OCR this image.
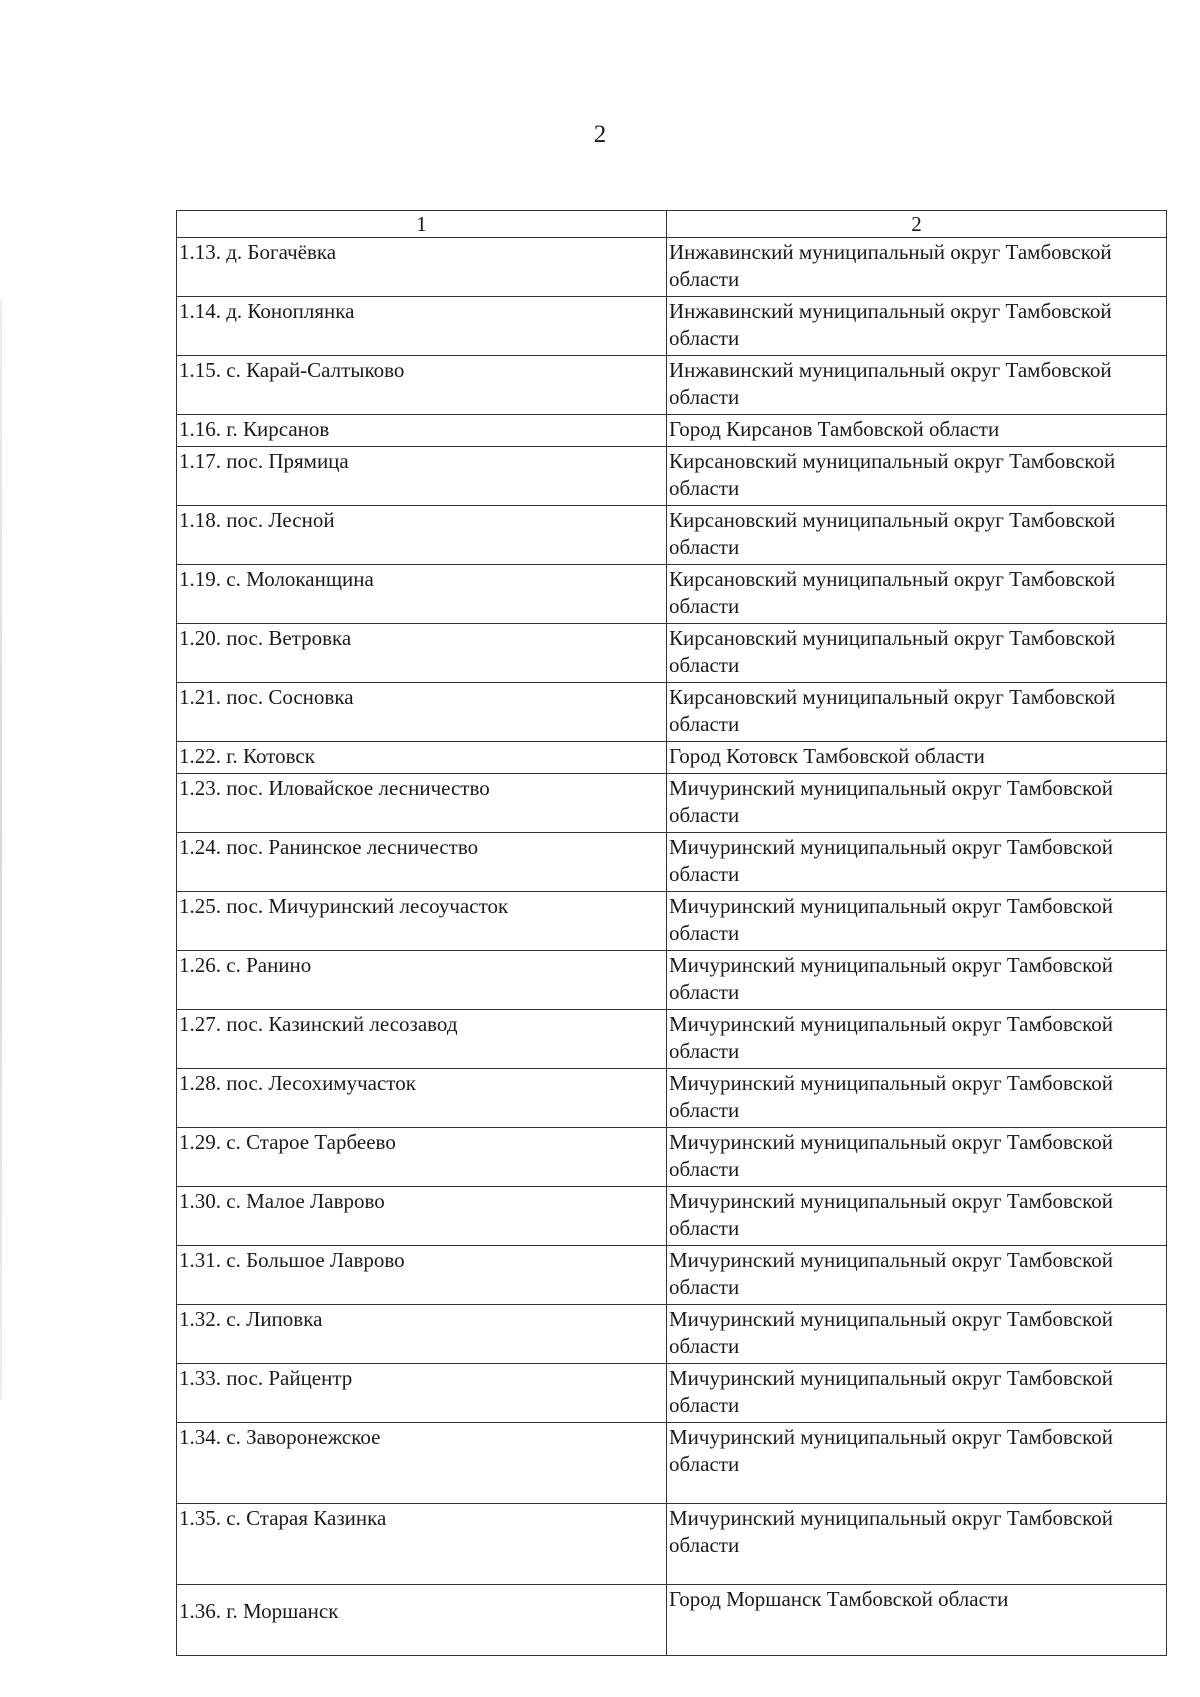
2
1	2
1.13. д. Богачёвка	Инжавинский муниципальный округ Тамбовской области
1.14. д. Коноплянка	Инжавинский муниципальный округ Тамбовской области
1.15. с. Карай-Салтыково	Инжавинский муниципальный округ Тамбовской области
1.16. г. Кирсанов	Город Кирсанов Тамбовской области
1.17. пос. Прямица	Кирсановский муниципальный округ Тамбовской области
1.18. пос. Лесной	Кирсановский муниципальный округ Тамбовской области
1.19. с. Молоканщина	Кирсановский муниципальный округ Тамбовской области
1.20. пос. Ветровка	Кирсановский муниципальный округ Тамбовской области
1.21. пос. Сосновка	Кирсановский муниципальный округ Тамбовской области
1.22. г. Котовск	Город Котовск Тамбовской области
1.23. пос. Иловайское лесничество	Мичуринский муниципальный округ Тамбовской области
1.24. пос. Ранинское лесничество	Мичуринский муниципальный округ Тамбовской области
1.25. пос. Мичуринский лесоучасток	Мичуринский муниципальный округ Тамбовской области
1.26. с. Ранино	Мичуринский муниципальный округ Тамбовской области
1.27. пос. Казинский лесозавод	Мичуринский муниципальный округ Тамбовской области
1.28. пос. Лесохимучасток	Мичуринский муниципальный округ Тамбовской области
1.29. с. Старое Тарбеево	Мичуринский муниципальный округ Тамбовской области
1.30. с. Малое Лаврово	Мичуринский муниципальный округ Тамбовской области
1.31. с. Большое Лаврово	Мичуринский муниципальный округ Тамбовской области
1.32. с. Липовка	Мичуринский муниципальный округ Тамбовской области
1.33. пос. Райцентр	Мичуринский муниципальный округ Тамбовской области
1.34. с. Заворонежское	Мичуринский муниципальный округ Тамбовской области
1.35. с. Старая Казинка	Мичуринский муниципальный округ Тамбовской области
1.36. г. Моршанск	Город Моршанск Тамбовской области
